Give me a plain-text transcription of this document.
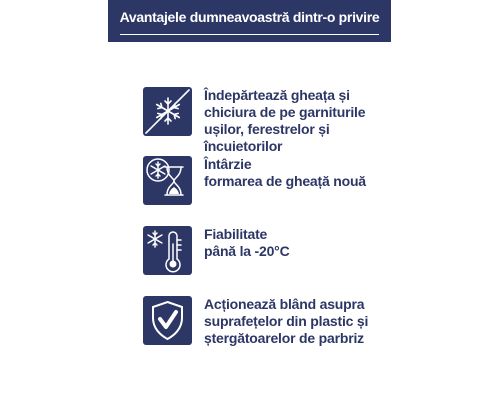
Avantajele dumneavoastră dintr-o privire
Îndepărtează gheața și
chiciura de pe garniturile
ușilor, ferestrelor și
încuietorilor
Întârzie
formarea de gheață nouă
Fiabilitate
până la -20°C
Acționează blând asupra
suprafețelor din plastic și
ștergătoarelor de parbriz
